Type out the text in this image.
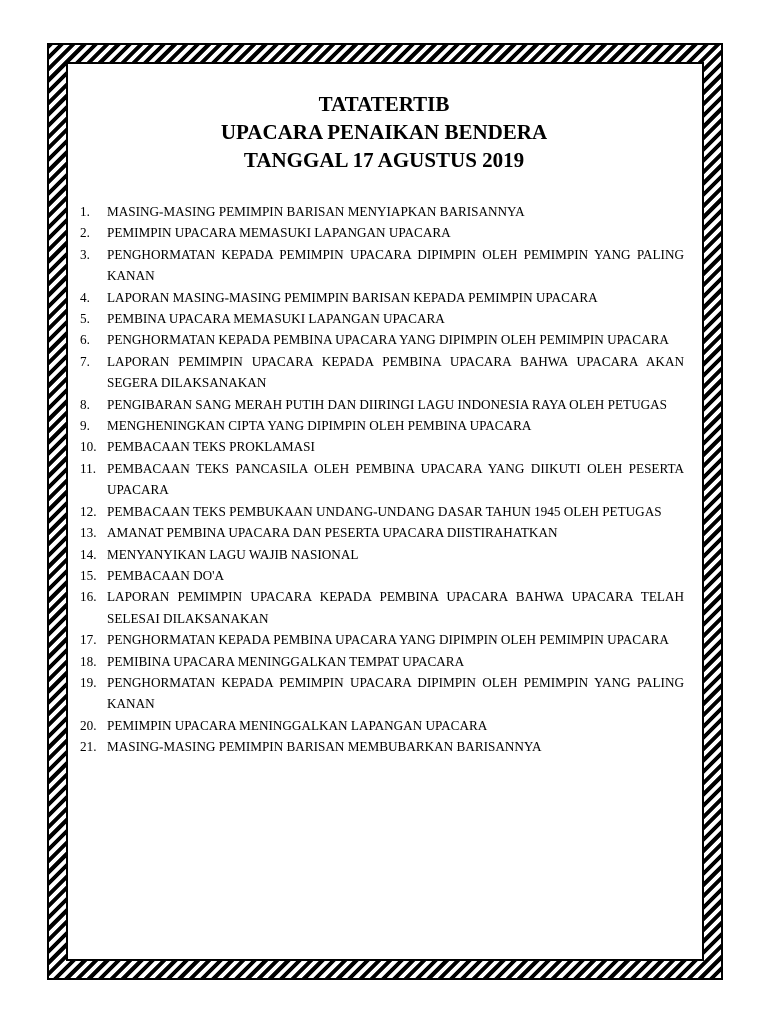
TATATERTIB
UPACARA PENAIKAN BENDERA
TANGGAL 17 AGUSTUS 2019
1.	MASING-MASING PEMIMPIN BARISAN MENYIAPKAN BARISANNYA
2.	PEMIMPIN UPACARA MEMASUKI LAPANGAN UPACARA
3.	PENGHORMATAN KEPADA PEMIMPIN UPACARA DIPIMPIN OLEH PEMIMPIN YANG PALING KANAN
4.	LAPORAN MASING-MASING PEMIMPIN BARISAN KEPADA PEMIMPIN UPACARA
5.	PEMBINA UPACARA MEMASUKI LAPANGAN UPACARA
6.	PENGHORMATAN KEPADA PEMBINA UPACARA YANG DIPIMPIN OLEH PEMIMPIN UPACARA
7.	LAPORAN PEMIMPIN UPACARA KEPADA PEMBINA UPACARA BAHWA UPACARA AKAN SEGERA DILAKSANAKAN
8.	PENGIBARAN SANG MERAH PUTIH DAN DIIRINGI LAGU INDONESIA RAYA OLEH PETUGAS
9.	MENGHENINGKAN CIPTA YANG DIPIMPIN OLEH PEMBINA UPACARA
10. PEMBACAAN TEKS PROKLAMASI
11. PEMBACAAN TEKS PANCASILA OLEH PEMBINA UPACARA YANG DIIKUTI OLEH PESERTA UPACARA
12. PEMBACAAN TEKS PEMBUKAAN UNDANG-UNDANG DASAR TAHUN 1945 OLEH PETUGAS
13. AMANAT PEMBINA UPACARA DAN PESERTA UPACARA DIISTIRAHATKAN
14. MENYANYIKAN LAGU WAJIB NASIONAL
15. PEMBACAAN DO'A
16. LAPORAN PEMIMPIN UPACARA KEPADA PEMBINA UPACARA BAHWA UPACARA TELAH SELESAI DILAKSANAKAN
17. PENGHORMATAN KEPADA PEMBINA UPACARA YANG DIPIMPIN OLEH PEMIMPIN UPACARA
18. PEMIBINA UPACARA MENINGGALKAN TEMPAT UPACARA
19. PENGHORMATAN KEPADA PEMIMPIN UPACARA DIPIMPIN OLEH PEMIMPIN YANG PALING KANAN
20. PEMIMPIN UPACARA MENINGGALKAN LAPANGAN UPACARA
21. MASING-MASING PEMIMPIN BARISAN MEMBUBARKAN BARISANNYA
